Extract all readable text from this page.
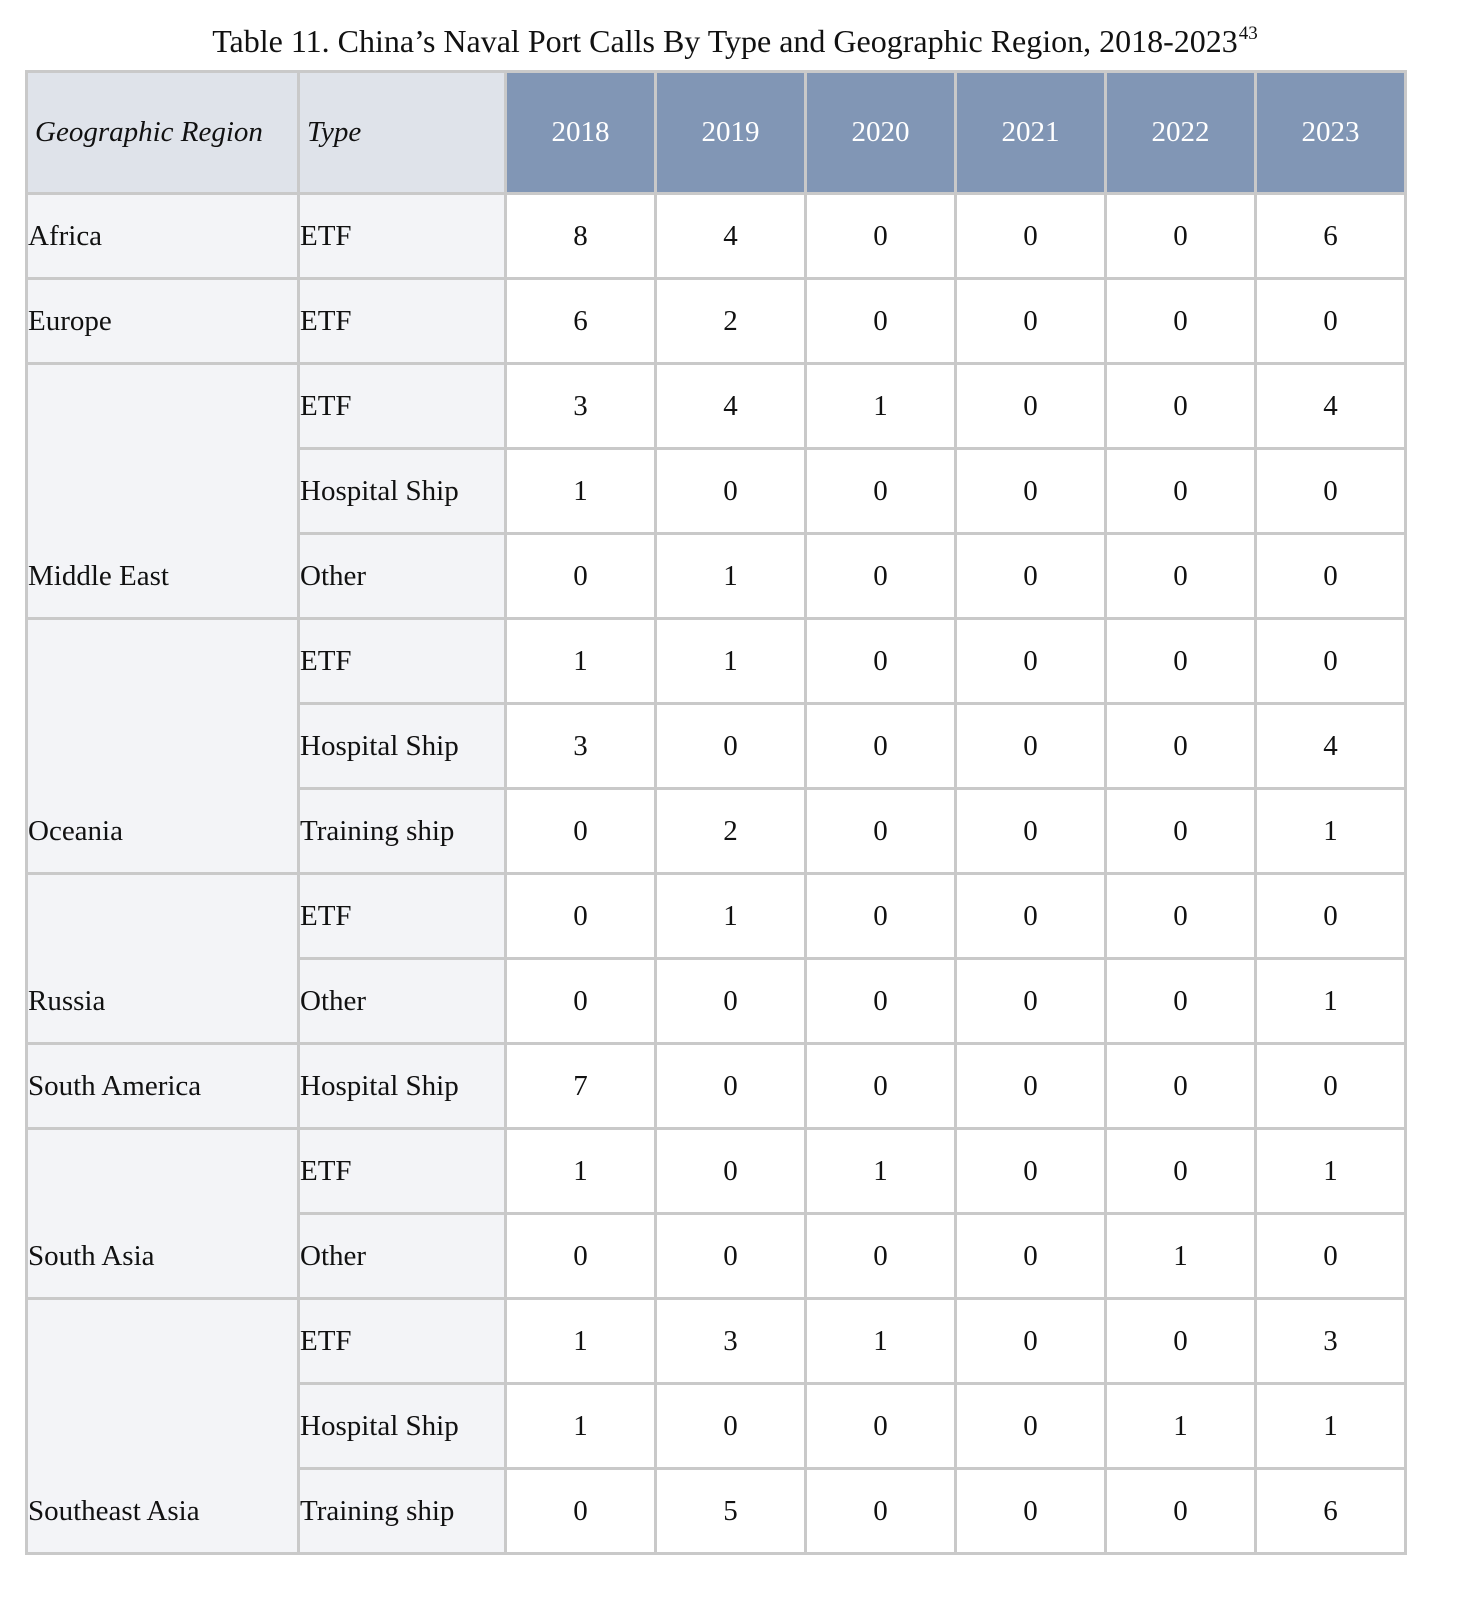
Table 11. China’s Naval Port Calls By Type and Geographic Region, 2018-2023$^{43}$
Geographic Region	Type	2018	2019	2020	2021	2022	2023
Africa	ETF	8	4	0	0	0	6
Europe	ETF	6	2	0	0	0	0
Middle East	ETF	3	4	1	0	0	4
	Hospital Ship	1	0	0	0	0	0
	Other	0	1	0	0	0	0
Oceania	ETF	1	1	0	0	0	0
	Hospital Ship	3	0	0	0	0	4
	Training ship	0	2	0	0	0	1
Russia	ETF	0	1	0	0	0	0
	Other	0	0	0	0	0	1
South America	Hospital Ship	7	0	0	0	0	0
South Asia	ETF	1	0	1	0	0	1
	Other	0	0	0	0	1	0
Southeast Asia	ETF	1	3	1	0	0	3
	Hospital Ship	1	0	0	0	1	1
	Training ship	0	5	0	0	0	6
